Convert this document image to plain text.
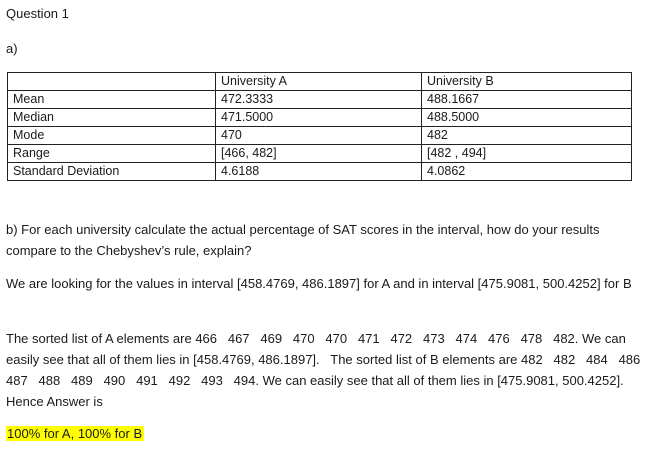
Question 1
a)
	University A	University B
Mean	472.3333	488.1667
Median	471.5000	488.5000
Mode	470	482
Range	[466, 482]	[482 , 494]
Standard Deviation	4.6188	4.0862
b) For each university calculate the actual percentage of SAT scores in the interval, how do your results compare to the Chebyshev’s rule, explain?
We are looking for the values in interval [458.4769, 486.1897] for A and in interval [475.9081, 500.4252] for B
The sorted list of A elements are 466   467   469   470   470   471   472   473   474   476   478   482. We can easily see that all of them lies in [458.4769, 486.1897].   The sorted list of B elements are 482   482   484   486   487   488   489   490   491   492   493   494. We can easily see that all of them lies in [475.9081, 500.4252]. Hence Answer is
100% for A, 100% for B
